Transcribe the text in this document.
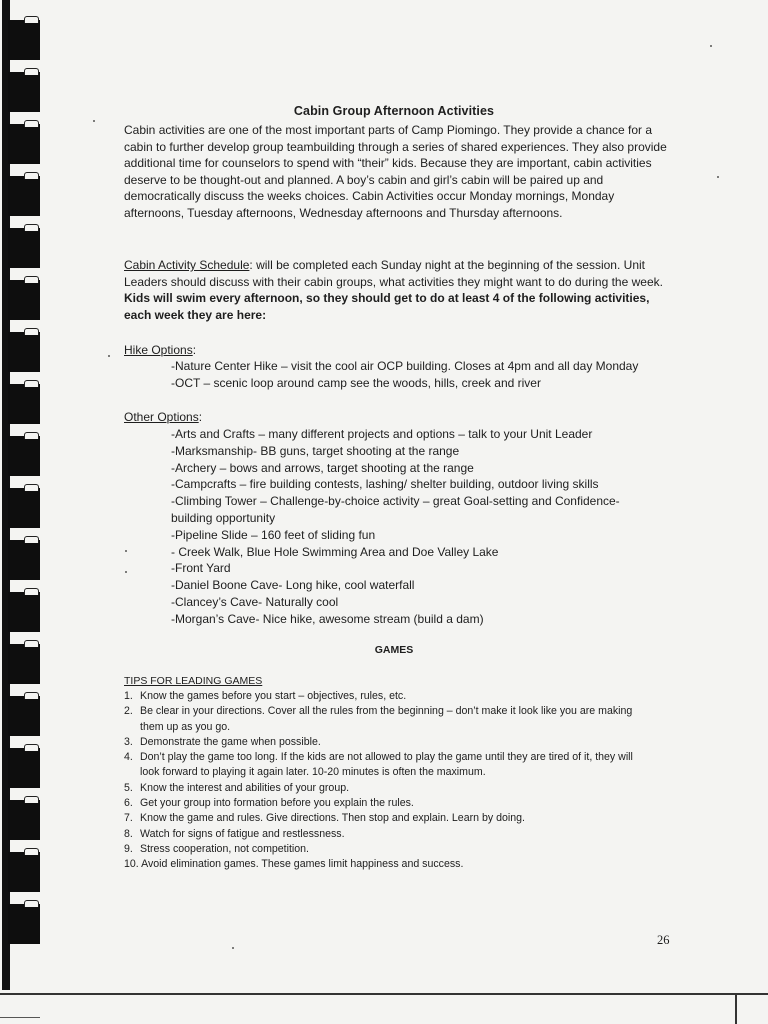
Cabin Group Afternoon Activities

Cabin activities are one of the most important parts of Camp Piomingo. They provide a chance for a cabin to further develop group teambuilding through a series of shared experiences. They also provide additional time for counselors to spend with “their” kids. Because they are important, cabin activities deserve to be thought-out and planned. A boy’s cabin and girl’s cabin will be paired up and democratically discuss the weeks choices. Cabin Activities occur Monday mornings, Monday afternoons, Tuesday afternoons, Wednesday afternoons and Thursday afternoons.

Cabin Activity Schedule: will be completed each Sunday night at the beginning of the session. Unit Leaders should discuss with their cabin groups, what activities they might want to do during the week. Kids will swim every afternoon, so they should get to do at least 4 of the following activities, each week they are here:

Hike Options:
-Nature Center Hike – visit the cool air OCP building. Closes at 4pm and all day Monday
-OCT – scenic loop around camp see the woods, hills, creek and river
Other Options:
-Arts and Crafts – many different projects and options – talk to your Unit Leader
-Marksmanship- BB guns, target shooting at the range
-Archery – bows and arrows, target shooting at the range
-Campcrafts – fire building contests, lashing/ shelter building, outdoor living skills
-Climbing Tower – Challenge-by-choice activity – great Goal-setting and Confidence-building opportunity
-Pipeline Slide – 160 feet of sliding fun
- Creek Walk, Blue Hole Swimming Area and Doe Valley Lake
-Front Yard
-Daniel Boone Cave- Long hike, cool waterfall
-Clancey’s Cave- Naturally cool
-Morgan’s Cave- Nice hike, awesome stream (build a dam)
GAMES
TIPS FOR LEADING GAMES
1. Know the games before you start – objectives, rules, etc.
2. Be clear in your directions. Cover all the rules from the beginning – don’t make it look like you are making them up as you go.
3. Demonstrate the game when possible.
4. Don’t play the game too long. If the kids are not allowed to play the game until they are tired of it, they will look forward to playing it again later. 10-20 minutes is often the maximum.
5. Know the interest and abilities of your group.
6. Get your group into formation before you explain the rules.
7. Know the game and rules. Give directions. Then stop and explain. Learn by doing.
8. Watch for signs of fatigue and restlessness.
9. Stress cooperation, not competition.
10. Avoid elimination games. These games limit happiness and success.
26
